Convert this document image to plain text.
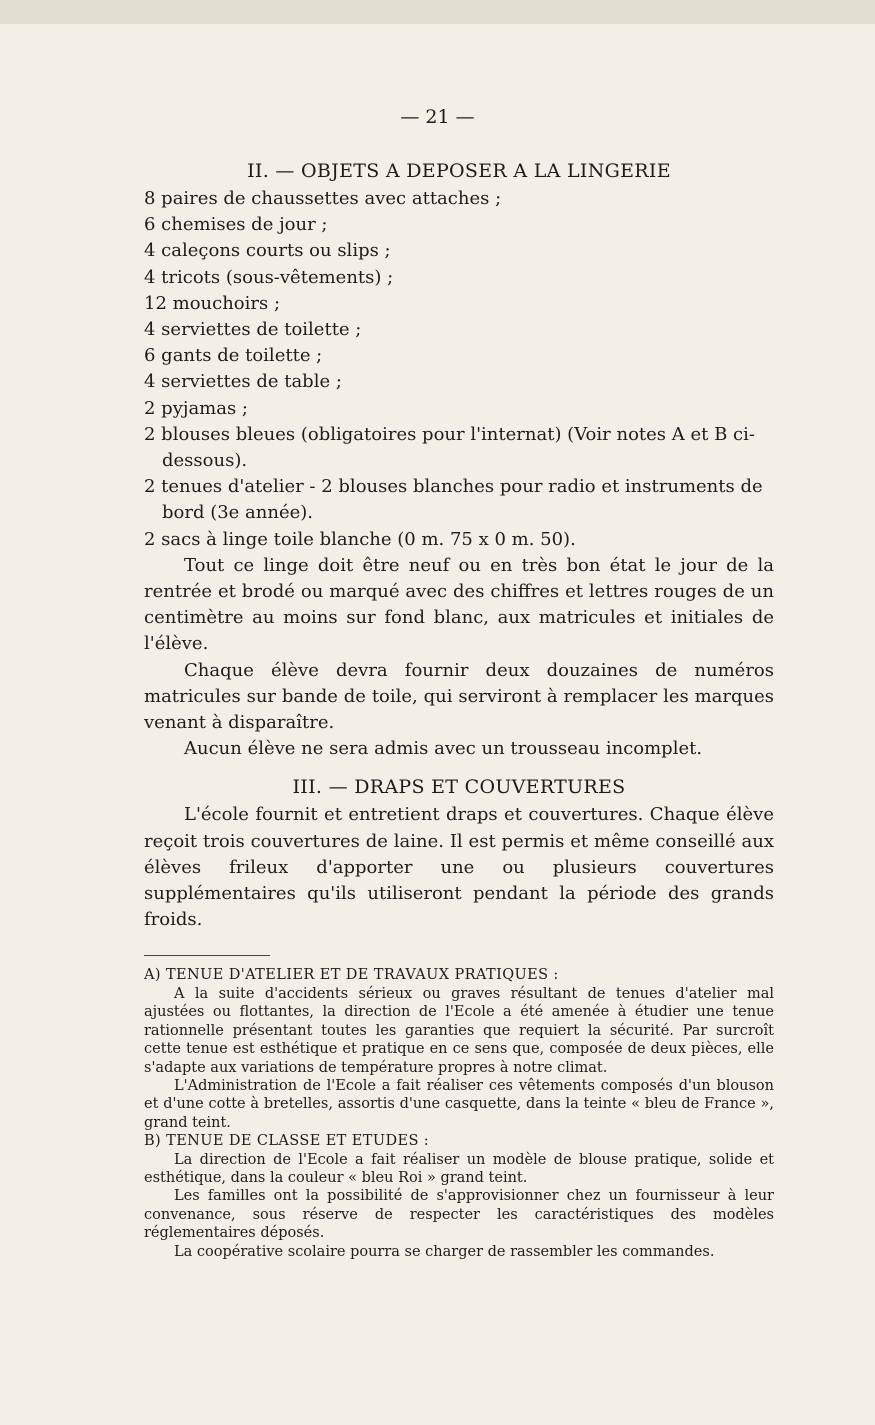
— 21 —
II. — OBJETS A DEPOSER A LA LINGERIE
8 paires de chaussettes avec attaches ;
6 chemises de jour ;
4 caleçons courts ou slips ;
4 tricots (sous-vêtements) ;
12 mouchoirs ;
4 serviettes de toilette ;
6 gants de toilette ;
4 serviettes de table ;
2 pyjamas ;
2 blouses bleues (obligatoires pour l'internat) (Voir notes A et B ci-dessous).
2 tenues d'atelier - 2 blouses blanches pour radio et instruments de bord (3e année).
2 sacs à linge toile blanche (0 m. 75 x 0 m. 50).

Tout ce linge doit être neuf ou en très bon état le jour de la rentrée et brodé ou marqué avec des chiffres et lettres rouges de un centimètre au moins sur fond blanc, aux matricules et initiales de l'élève.

Chaque élève devra fournir deux douzaines de numéros matricules sur bande de toile, qui serviront à remplacer les marques venant à disparaître.

Aucun élève ne sera admis avec un trousseau incomplet.

III. — DRAPS ET COUVERTURES

L'école fournit et entretient draps et couvertures. Chaque élève reçoit trois couvertures de laine. Il est permis et même conseillé aux élèves frileux d'apporter une ou plusieurs couvertures supplémentaires qu'ils utiliseront pendant la période des grands froids.

A) TENUE D'ATELIER ET DE TRAVAUX PRATIQUES :

A la suite d'accidents sérieux ou graves résultant de tenues d'atelier mal ajustées ou flottantes, la direction de l'Ecole a été amenée à étudier une tenue rationnelle présentant toutes les garanties que requiert la sécurité. Par surcroît cette tenue est esthétique et pratique en ce sens que, composée de deux pièces, elle s'adapte aux variations de température propres à notre climat.

L'Administration de l'Ecole a fait réaliser ces vêtements composés d'un blouson et d'une cotte à bretelles, assortis d'une casquette, dans la teinte « bleu de France », grand teint.

B) TENUE DE CLASSE ET ETUDES :

La direction de l'Ecole a fait réaliser un modèle de blouse pratique, solide et esthétique, dans la couleur « bleu Roi » grand teint.

Les familles ont la possibilité de s'approvisionner chez un fournisseur à leur convenance, sous réserve de respecter les caractéristiques des modèles réglementaires déposés.

La coopérative scolaire pourra se charger de rassembler les commandes.
